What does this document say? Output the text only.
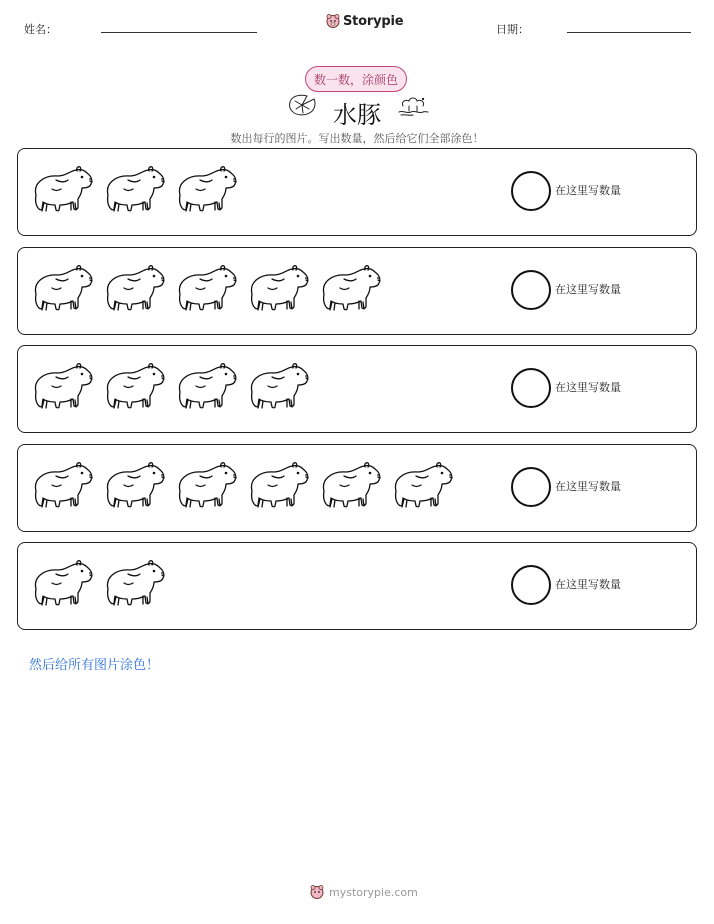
姓名：
Storypie
日期：
数一数，涂颜色
水豚
数出每行的图片。写出数量，然后给它们全部涂色！
在这里写数量
在这里写数量
在这里写数量
在这里写数量
在这里写数量
然后给所有图片涂色！
mystorypie.com
